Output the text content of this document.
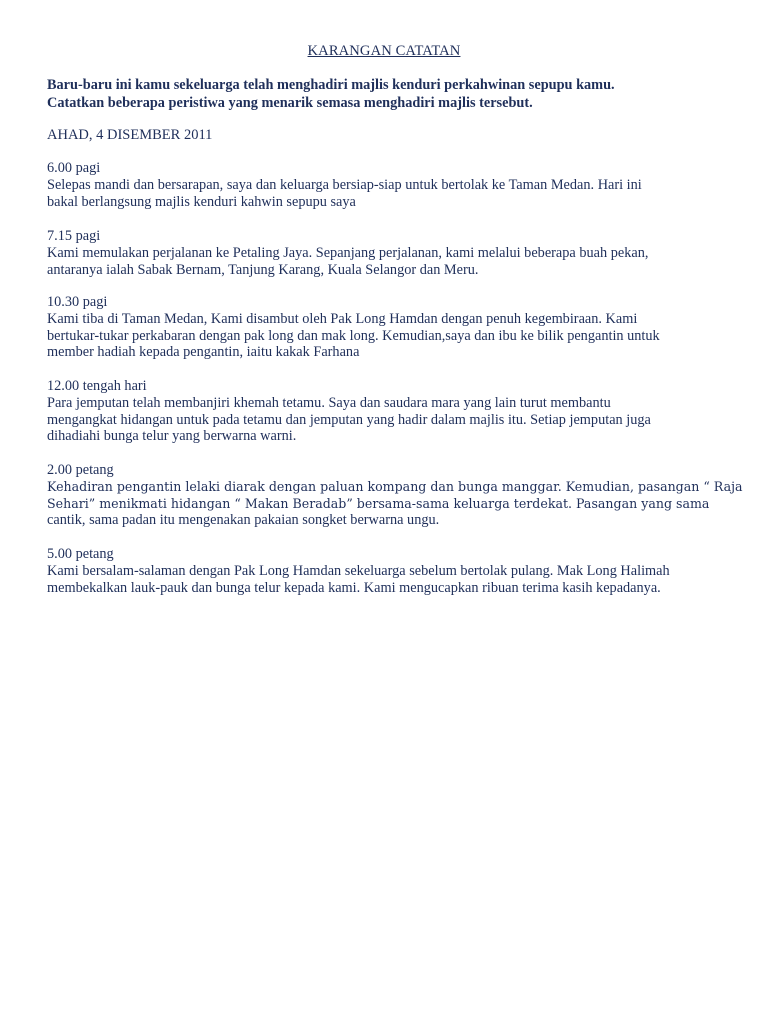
KARANGAN CATATAN
Baru-baru ini kamu sekeluarga telah menghadiri majlis kenduri perkahwinan sepupu kamu.
Catatkan beberapa peristiwa yang menarik semasa menghadiri majlis tersebut.
AHAD, 4 DISEMBER 2011
6.00 pagi
Selepas mandi dan bersarapan, saya dan keluarga bersiap-siap untuk bertolak ke Taman Medan. Hari ini
bakal berlangsung majlis kenduri kahwin sepupu saya
7.15 pagi
Kami memulakan perjalanan ke Petaling Jaya. Sepanjang perjalanan, kami melalui beberapa buah pekan,
antaranya ialah Sabak Bernam, Tanjung Karang, Kuala Selangor dan Meru.
10.30 pagi
Kami tiba di Taman Medan, Kami disambut oleh Pak Long Hamdan dengan penuh kegembiraan. Kami
bertukar-tukar perkabaran dengan pak long dan mak long. Kemudian,saya dan ibu ke bilik pengantin untuk
member hadiah kepada pengantin, iaitu kakak Farhana
12.00 tengah hari
Para jemputan telah membanjiri khemah tetamu. Saya dan saudara mara yang lain turut membantu
mengangkat hidangan untuk pada tetamu dan jemputan yang hadir dalam majlis itu. Setiap jemputan juga
dihadiahi bunga telur yang berwarna warni.
2.00 petang
Kehadiran pengantin lelaki diarak dengan paluan kompang dan bunga manggar. Kemudian, pasangan “ Raja
Sehari” menikmati hidangan “ Makan Beradab” bersama-sama keluarga terdekat. Pasangan yang sama
cantik, sama padan itu mengenakan pakaian songket berwarna ungu.
5.00 petang
Kami bersalam-salaman dengan Pak Long Hamdan sekeluarga sebelum bertolak pulang. Mak Long Halimah
membekalkan lauk-pauk dan bunga telur kepada kami. Kami mengucapkan ribuan terima kasih kepadanya.
